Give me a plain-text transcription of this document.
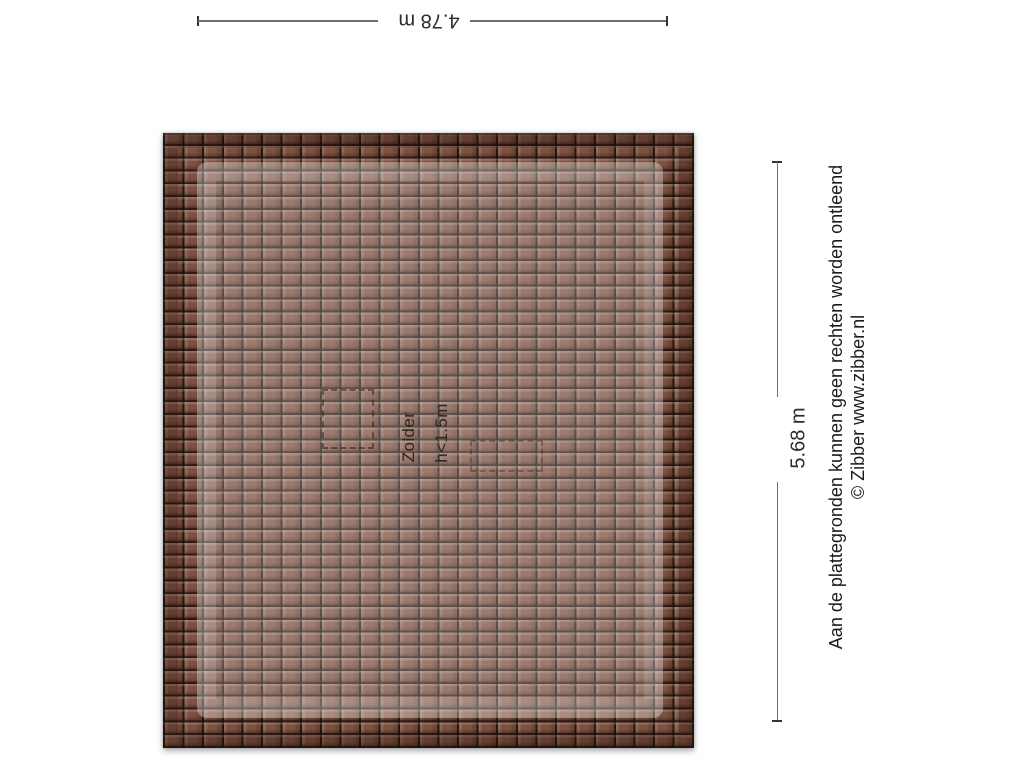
4.78 m
Zolder h<1.5m	5.68 m Aan de plattegronden kunnen geen rechten worden ontleend © Zibber www.zibber.nl
